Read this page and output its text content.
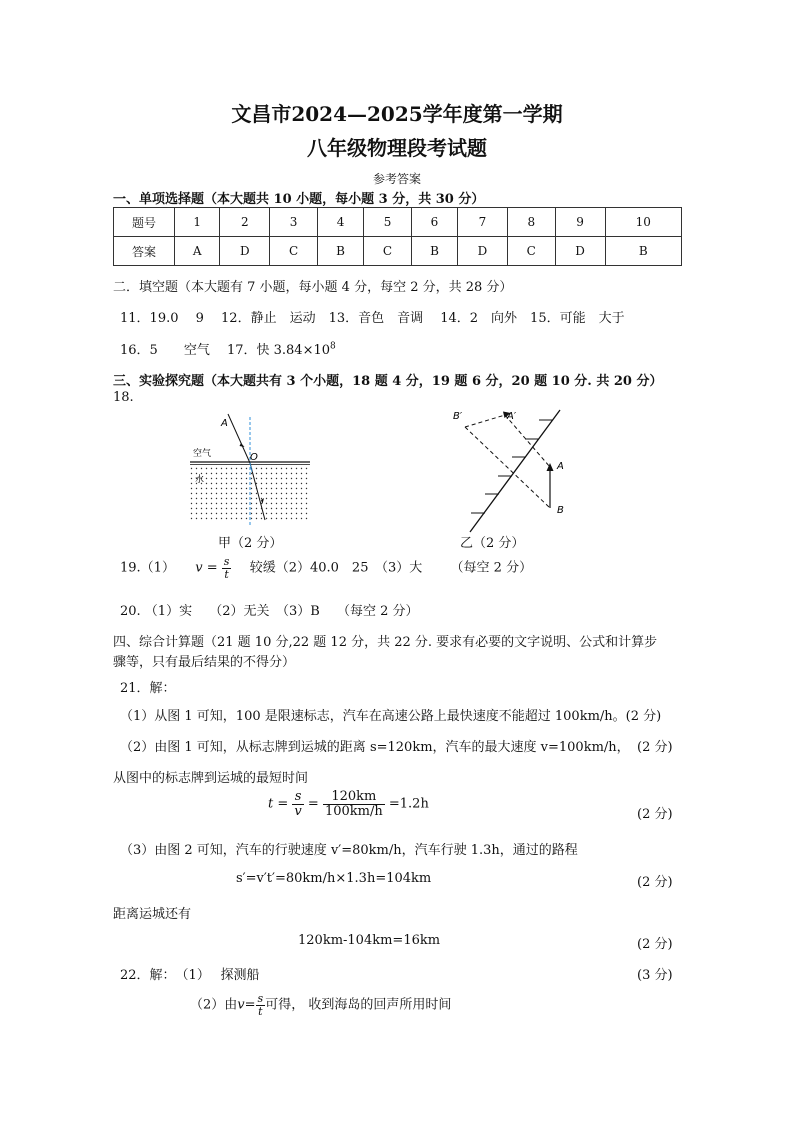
文昌市2024—2025学年度第一学期
八年级物理段考试题
参考答案
一、单项选择题（本大题共 10 小题，每小题 3 分，共 30 分）
题号	1	2	3	4	5	6	7	8	9	10
答案	A	D	C	B	C	B	D	C	D	B
二．填空题（本大题有 7 小题，每小题 4 分，每空 2 分，共 28 分）
11．19.0　 9　 12．静止　运动　13．音色　音调　 14．2　向外　15．可能　大于
16．5　　空气　 17．快 $3.84\times 10^8$
三、实验探究题（本大题共有 3 个小题，18 题 4 分，19 题 6 分，20 题 10 分. 共 20 分）
18.
A
O
空气
水
甲（2 分）
B′	A′
A
B
乙（2 分）
19.（1） $v = \frac{s}{t}$ 较缓（2）40.0　25　（3）大 （每空 2 分）
20. （1）实　 （2）无关　（3）B　 （每空 2 分）
四、综合计算题（21 题 10 分,22 题 12 分，共 22 分. 要求有必要的文字说明、公式和计算步
骤等，只有最后结果的不得分）
21．解：
（1）从图 1 可知，100 是限速标志，汽车在高速公路上最快速度不能超过 100km/h。(2 分)
（2）由图 1 可知，从标志牌到运城的距离 s=120km，汽车的最大速度 v=100km/h， (2 分)
从图中的标志牌到运城的最短时间
$t = \frac{s}{v} = \frac{120km}{100km/h} =1.2h$
(2 分)
（3）由图 2 可知，汽车的行驶速度 v′=80km/h，汽车行驶 1.3h，通过的路程
s′=v′t′=80km/h×1.3h=104km	(2 分)
距离运城还有
120km-104km=16km	(2 分)
22．解：　（1）　 探测船	(3 分)
（2）由$v= \frac{s}{t}$ 可得， 收到海岛的回声所用时间
